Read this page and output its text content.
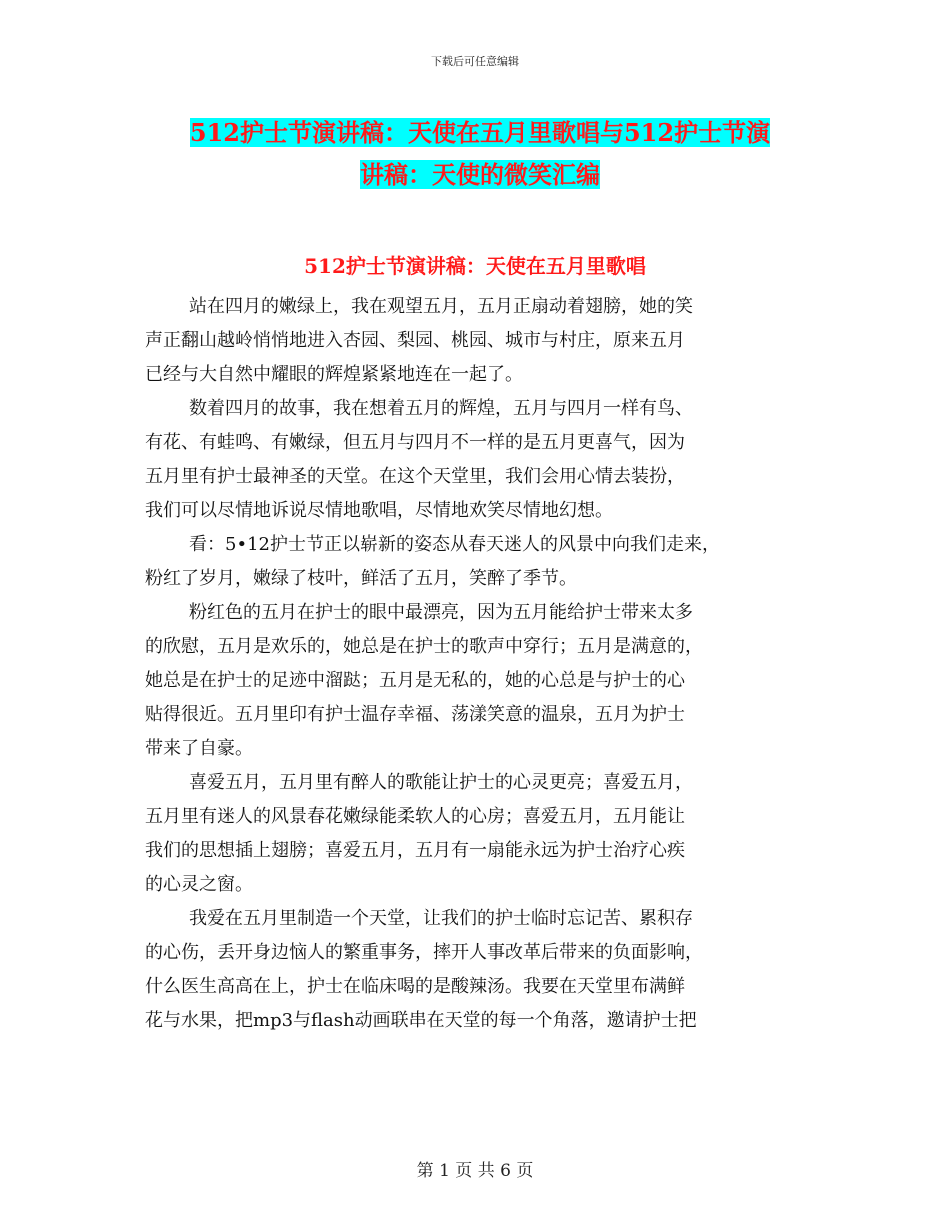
下载后可任意编辑
512护士节演讲稿：天使在五月里歌唱与512护士节演
讲稿：天使的微笑汇编
512护士节演讲稿：天使在五月里歌唱
站在四月的嫩绿上，我在观望五月，五月正扇动着翅膀，她的笑
声正翻山越岭悄悄地进入杏园、梨园、桃园、城市与村庄，原来五月
已经与大自然中耀眼的辉煌紧紧地连在一起了。
数着四月的故事，我在想着五月的辉煌，五月与四月一样有鸟、
有花、有蛙鸣、有嫩绿，但五月与四月不一样的是五月更喜气，因为
五月里有护士最神圣的天堂。在这个天堂里，我们会用心情去装扮，
我们可以尽情地诉说尽情地歌唱，尽情地欢笑尽情地幻想。
看：5•12护士节正以崭新的姿态从春天迷人的风景中向我们走来，
粉红了岁月，嫩绿了枝叶，鲜活了五月，笑醉了季节。
粉红色的五月在护士的眼中最漂亮，因为五月能给护士带来太多
的欣慰，五月是欢乐的，她总是在护士的歌声中穿行；五月是满意的，
她总是在护士的足迹中溜跶；五月是无私的，她的心总是与护士的心
贴得很近。五月里印有护士温存幸福、荡漾笑意的温泉，五月为护士
带来了自豪。
喜爱五月，五月里有醉人的歌能让护士的心灵更亮；喜爱五月，
五月里有迷人的风景春花嫩绿能柔软人的心房；喜爱五月，五月能让
我们的思想插上翅膀；喜爱五月，五月有一扇能永远为护士治疗心疾
的心灵之窗。
我爱在五月里制造一个天堂，让我们的护士临时忘记苦、累积存
的心伤，丢开身边恼人的繁重事务，摔开人事改革后带来的负面影响，
什么医生高高在上，护士在临床喝的是酸辣汤。我要在天堂里布满鲜
花与水果，把mp3与flash动画联串在天堂的每一个角落，邀请护士把
第 1 页 共 6 页
